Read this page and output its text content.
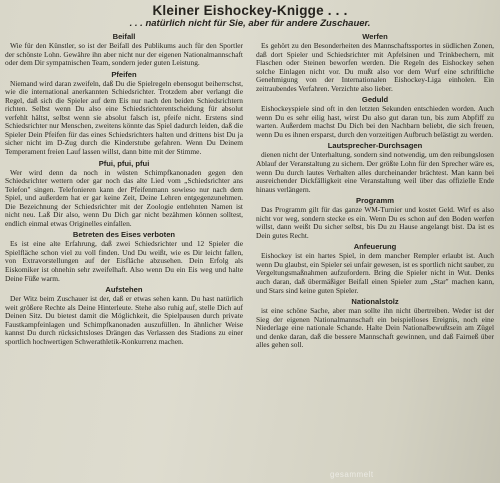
Kleiner Eishockey-Knigge . . .
. . . natürlich nicht für Sie, aber für andere Zuschauer.
Beifall

Wie für den Künstler, so ist der Beifall des Publikums auch für den Sportler der schönste Lohn. Gewähre ihn aber nicht nur der eigenen Nationalmannschaft oder dem Dir sympatnischen Team, sondern jeder guten Leistung.

Pfeifen

Niemand wird daran zweifeln, daß Du die Spielregeln ebensogut beiherrschst, wie die international anerkannten Schiedsrichter. Trotzdem aber verlangt die Regel, daß sich die Spieler auf dem Eis nur nach den beiden Schiedsrichtern richten. Selbst wenn Du also eine Schiedsrichterentscheidung für absolut verfehlt hältst, selbst wenn sie absolut falsch ist, pfeife nicht. Erstens sind Schiedsrichter nur Menschen, zweitens könnte das Spiel dadurch leiden, daß die Spieler Dein Pfeifen für das eines Schiedsrichters halten und drittens bist Du ja sicher nicht im D-Zug durch die Kinderstube gefahren. Wenn Du Deinem Temperament freien Lauf lassen willst, dann bitte mit der Stimme.

Pfui, pfui, pfui

Wer wird denn da noch in wüsten Schimpfkanonaden gegen den Schiedsrichter wettern oder gar noch das alte Lied vom „Schiedsrichter ans Telefon" singen. Telefonieren kann der Pfeifenmann sowieso nur nach dem Spiel, und außerdem hat er gar keine Zeit, Deine Lehren entgegenzunehmen. Die Bezeichnung der Schiedsrichter mit der Zoologie entlehnten Namen ist nicht neu. Laß Dir also, wenn Du Dich gar nicht bezähmen können solltest, endlich einmal etwas Originelles einfallen.

Betreten des Eises verboten

Es ist eine alte Erfahrung, daß zwei Schiedsrichter und 12 Spieler die Spielfläche schon viel zu voll finden. Und Du weißt, wie es Dir leicht fallen, von Extravorstellungen auf der Eisfläche abzusehen. Dein Erfolg als Eiskomiker ist ohnehin sehr zweifelhaft. Also wenn Du ein Eis weg und halte Deine Füße warm.

Aufstehen

Der Witz beim Zuschauer ist der, daß er etwas sehen kann. Du hast natürlich weit größere Rechte als Deine Hinterleute. Stehe also ruhig auf, stelle Dich auf Deinen Sitz. Du bietest damit die Möglichkeit, die Spielpausen durch private Faustkampfeinlagen und Schimpfkanonaden auszufüllen. In ähnlicher Weise kannst Du durch rücksichtsloses Drängen das Verlassen des Stadions zu einer sportlich hochwertigen Schwerathletik-Konkurrenz machen.

Werfen

Es gehört zu den Besonderheiten des Mannschaftssportes in südlichen Zonen, daß dort Spieler und Schiedsrichter mit Apfelsinen und Trinkbechern, mit Flaschen oder Steinen beworfen werden. Die Regeln des Eishockey sehen solche Einlagen nicht vor. Du mußt also vor dem Wurf eine schriftliche Genehmigung von der Internationalen Eishockey-Liga einholen. Ein zeitraubendes Verfahren. Verzichte also lieber.

Geduld

Eishockeyspiele sind oft in den letzten Sekunden entschieden worden. Auch wenn Du es sehr eilig hast, wirst Du also gut daran tun, bis zum Abpfiff zu warten. Außerdem machst Du Dich bei den Nachbarn beliebt, die sich freuen, wenn Du es ihnen ersparst, durch den vorzeitigen Aufbruch belästigt zu werden.

Lautsprecher-Durchsagen

dienen nicht der Unterhaltung, sondern sind notwendig, um den reibungslosen Ablauf der Veranstaltung zu sichern. Der größte Lohn für den Sprecher wäre es, wenn Du durch lautes Verhalten alles durcheinander brächtest. Man kann bei ausreichender Dickfälligkeit eine Veranstaltung weil über das offizielle Ende hinaus verlängern.

Programm

Das Programm gilt für das ganze WM-Turnier und kostet Geld. Wirf es also nicht vor weg, sondern stecke es ein. Wenn Du es schon auf den Boden werfen willst, dann weißt Du sicher selbst, bis Du zu Hause angelangt bist. Da ist es Dein gutes Recht.

Anfeuerung

Eishockey ist ein hartes Spiel, in dem mancher Rempler erlaubt ist. Auch wenn Du glaubst, ein Spieler sei unfair gewesen, ist es sportlich nicht sauber, zu Vergeltungsmaßnahmen aufzufordern. Bring die Spieler nicht in Wut. Denks auch daran, daß übermäßiger Beifall einen Spieler zum „Star" machen kann, und Stars sind keine guten Spieler.

Nationalstolz

ist eine schöne Sache, aber man sollte ihn nicht übertreiben. Weder ist der Sieg der eigenen Nationalmannschaft ein beispielloses Ereignis, noch eine Niederlage eine nationale Schande. Halte Dein Nationalbewußtsein am Zügel und denke daran, daß die bessere Mannschaft gewinnen, und daß Fairneß über alles gehen soll.

gesammelt
